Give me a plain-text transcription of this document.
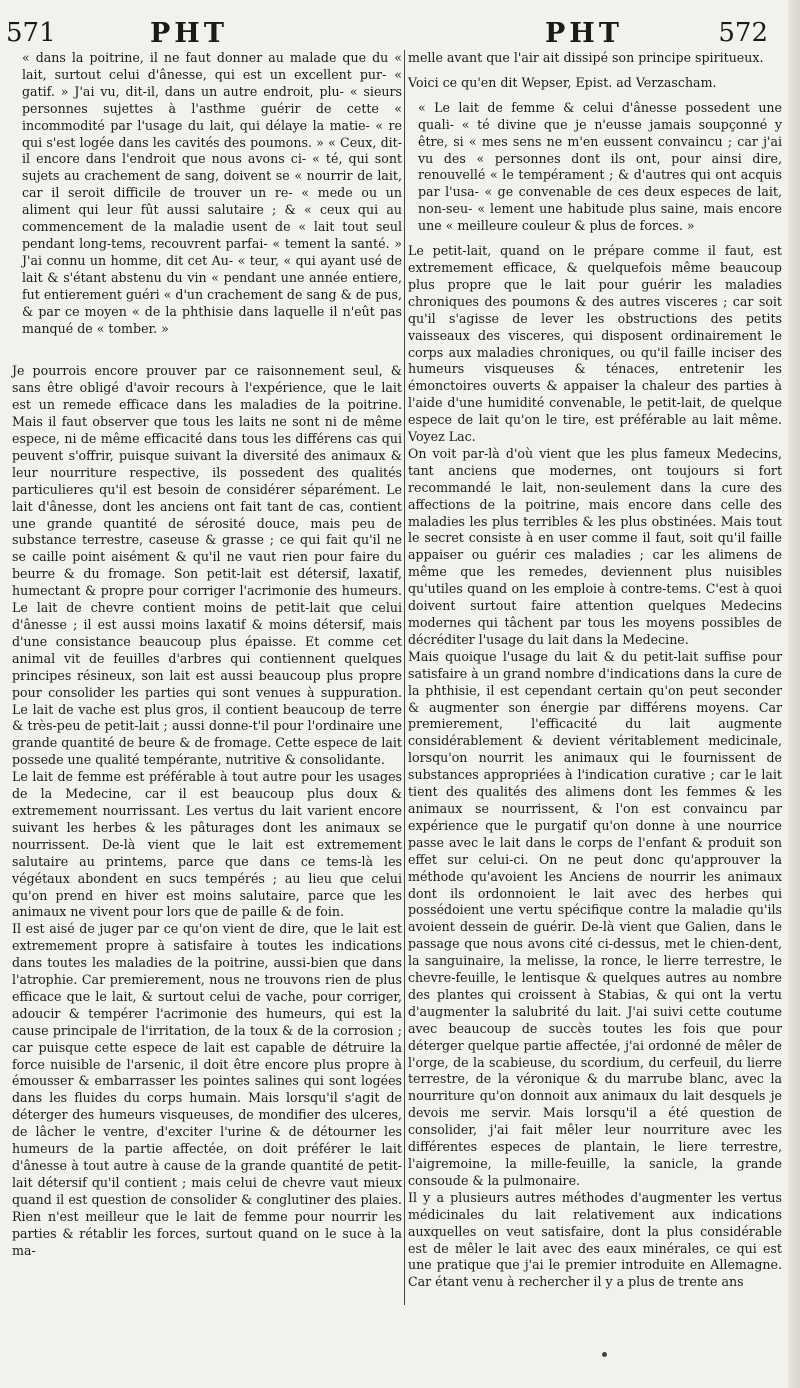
571	PHT	PHT	572

« dans la poitrine, il ne faut donner au malade que du « lait, surtout celui d'ânesse, qui est un excellent pur- « gatif. » J'ai vu, dit-il, dans un autre endroit, plu- « sieurs personnes sujettes à l'asthme guérir de cette « incommodité par l'usage du lait, qui délaye la matie- « re qui s'est logée dans les cavités des poumons. » « Ceux, dit-il encore dans l'endroit que nous avons ci- « té, qui sont sujets au crachement de sang, doivent se « nourrir de lait, car il seroit difficile de trouver un re- « mede ou un aliment qui leur fût aussi salutaire ; & « ceux qui au commencement de la maladie usent de « lait tout seul pendant long-tems, recouvrent parfai- « tement la santé. » J'ai connu un homme, dit cet Au- « teur, « qui ayant usé de lait & s'étant abstenu du vin « pendant une année entiere, fut entierement guéri « d'un crachement de sang & de pus, & par ce moyen « de la phthisie dans laquelle il n'eût pas manqué de « tomber. »

Je pourrois encore prouver par ce raisonnement seul, & sans être obligé d'avoir recours à l'expérience, que le lait est un remede efficace dans les maladies de la poitrine. Mais il faut observer que tous les laits ne sont ni de même espece, ni de même efficacité dans tous les différens cas qui peuvent s'offrir, puisque suivant la diversité des animaux & leur nourriture respective, ils possedent des qualités particulieres qu'il est besoin de considérer séparément. Le lait d'ânesse, dont les anciens ont fait tant de cas, contient une grande quantité de sérosité douce, mais peu de substance terrestre, caseuse & grasse ; ce qui fait qu'il ne se caille point aisément & qu'il ne vaut rien pour faire du beurre & du fromage. Son petit-lait est détersif, laxatif, humectant & propre pour corriger l'acrimonie des humeurs. Le lait de chevre contient moins de petit-lait que celui d'ânesse ; il est aussi moins laxatif & moins détersif, mais d'une consistance beaucoup plus épaisse. Et comme cet animal vit de feuilles d'arbres qui contiennent quelques principes résineux, son lait est aussi beaucoup plus propre pour consolider les parties qui sont venues à suppuration. Le lait de vache est plus gros, il contient beaucoup de terre & très-peu de petit-lait ; aussi donne-t'il pour l'ordinaire une grande quantité de beure & de fromage. Cette espece de lait possede une qualité tempérante, nutritive & consolidante.

Le lait de femme est préférable à tout autre pour les usages de la Medecine, car il est beaucoup plus doux & extremement nourrissant. Les vertus du lait varient encore suivant les herbes & les pâturages dont les animaux se nourrissent. De-là vient que le lait est extremement salutaire au printems, parce que dans ce tems-là les végétaux abondent en sucs tempérés ; au lieu que celui qu'on prend en hiver est moins salutaire, parce que les animaux ne vivent pour lors que de paille & de foin.

Il est aisé de juger par ce qu'on vient de dire, que le lait est extremement propre à satisfaire à toutes les indications dans toutes les maladies de la poitrine, aussi-bien que dans l'atrophie. Car premierement, nous ne trouvons rien de plus efficace que le lait, & surtout celui de vache, pour corriger, adoucir & tempérer l'acrimonie des humeurs, qui est la cause principale de l'irritation, de la toux & de la corrosion ; car puisque cette espece de lait est capable de détruire la force nuisible de l'arsenic, il doit être encore plus propre à émousser & embarrasser les pointes salines qui sont logées dans les fluides du corps humain. Mais lorsqu'il s'agit de déterger des humeurs visqueuses, de mondifier des ulceres, de lâcher le ventre, d'exciter l'urine & de détourner les humeurs de la partie affectée, on doit préférer le lait d'ânesse à tout autre à cause de la grande quantité de petit-lait détersif qu'il contient ; mais celui de chevre vaut mieux quand il est question de consolider & conglutiner des plaies. Rien n'est meilleur que le lait de femme pour nourrir les parties & rétablir les forces, surtout quand on le suce à la ma-

melle avant que l'air ait dissipé son principe spiritueux.

Voici ce qu'en dit Wepser, Epist. ad Verzascham.

« Le lait de femme & celui d'ânesse possedent une quali- « té divine que je n'eusse jamais soupçonné y être, si « mes sens ne m'en eussent convaincu ; car j'ai vu des « personnes dont ils ont, pour ainsi dire, renouvellé « le tempérament ; & d'autres qui ont acquis par l'usa- « ge convenable de ces deux especes de lait, non-seu- « lement une habitude plus saine, mais encore une « meilleure couleur & plus de forces. »

Le petit-lait, quand on le prépare comme il faut, est extremement efficace, & quelquefois même beaucoup plus propre que le lait pour guérir les maladies chroniques des poumons & des autres visceres ; car soit qu'il s'agisse de lever les obstructions des petits vaisseaux des visceres, qui disposent ordinairement le corps aux maladies chroniques, ou qu'il faille inciser des humeurs visqueuses & ténaces, entretenir les émonctoires ouverts & appaiser la chaleur des parties à l'aide d'une humidité convenable, le petit-lait, de quelque espece de lait qu'on le tire, est préférable au lait même. Voyez Lac.

On voit par-là d'où vient que les plus fameux Medecins, tant anciens que modernes, ont toujours si fort recommandé le lait, non-seulement dans la cure des affections de la poitrine, mais encore dans celle des maladies les plus terribles & les plus obstinées. Mais tout le secret consiste à en user comme il faut, soit qu'il faille appaiser ou guérir ces maladies ; car les alimens de même que les remedes, deviennent plus nuisibles qu'utiles quand on les emploie à contre-tems. C'est à quoi doivent surtout faire attention quelques Medecins modernes qui tâchent par tous les moyens possibles de décréditer l'usage du lait dans la Medecine.

Mais quoique l'usage du lait & du petit-lait suffise pour satisfaire à un grand nombre d'indications dans la cure de la phthisie, il est cependant certain qu'on peut seconder & augmenter son énergie par différens moyens. Car premierement, l'efficacité du lait augmente considérablement & devient véritablement medicinale, lorsqu'on nourrit les animaux qui le fournissent de substances appropriées à l'indication curative ; car le lait tient des qualités des alimens dont les femmes & les animaux se nourrissent, & l'on est convaincu par expérience que le purgatif qu'on donne à une nourrice passe avec le lait dans le corps de l'enfant & produit son effet sur celui-ci. On ne peut donc qu'approuver la méthode qu'avoient les Anciens de nourrir les animaux dont ils ordonnoient le lait avec des herbes qui possédoient une vertu spécifique contre la maladie qu'ils avoient dessein de guérir. De-là vient que Galien, dans le passage que nous avons cité ci-dessus, met le chien-dent, la sanguinaire, la melisse, la ronce, le lierre terrestre, le chevre-feuille, le lentisque & quelques autres au nombre des plantes qui croissent à Stabias, & qui ont la vertu d'augmenter la salubrité du lait. J'ai suivi cette coutume avec beaucoup de succès toutes les fois que pour déterger quelque partie affectée, j'ai ordonné de mêler de l'orge, de la scabieuse, du scordium, du cerfeuil, du lierre terrestre, de la véronique & du marrube blanc, avec la nourriture qu'on donnoit aux animaux du lait desquels je devois me servir. Mais lorsqu'il a été question de consolider, j'ai fait mêler leur nourriture avec les différentes especes de plantain, le liere terrestre, l'aigremoine, la mille-feuille, la sanicle, la grande consoude & la pulmonaire.

Il y a plusieurs autres méthodes d'augmenter les vertus médicinales du lait relativement aux indications auxquelles on veut satisfaire, dont la plus considérable est de mêler le lait avec des eaux minérales, ce qui est une pratique que j'ai le premier introduite en Allemagne. Car étant venu à rechercher il y a plus de trente ans
